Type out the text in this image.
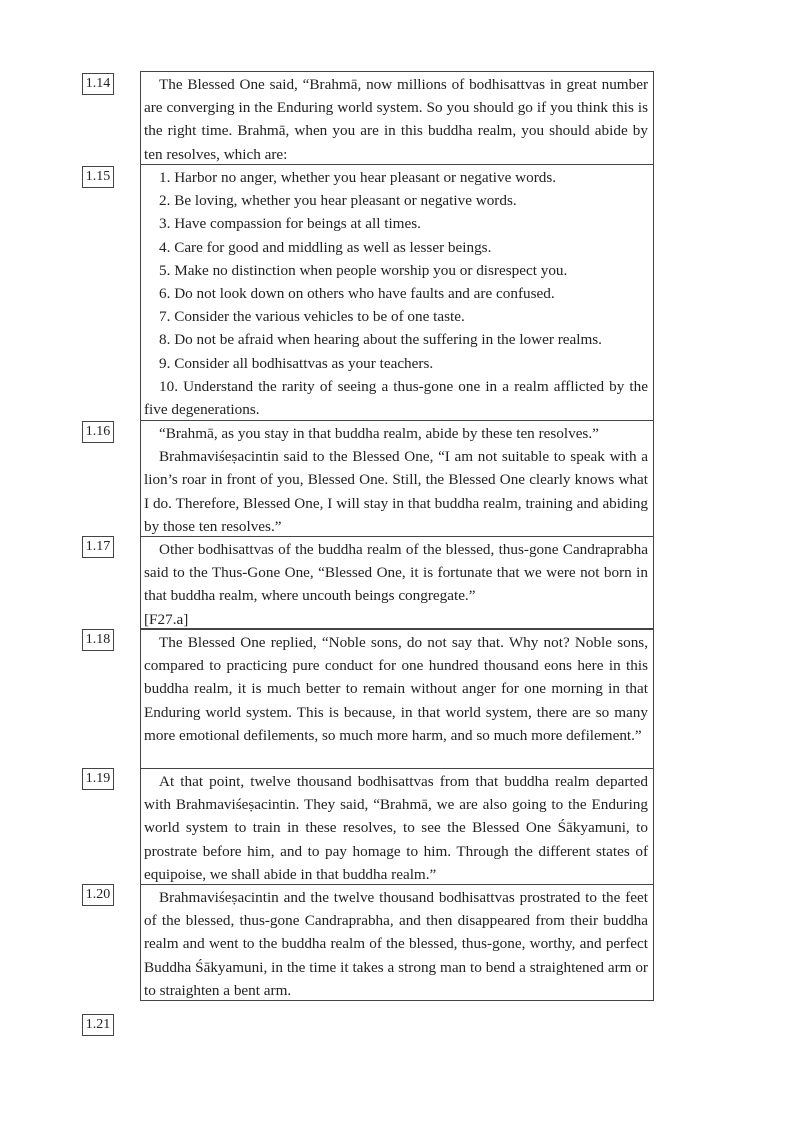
1.14	The Blessed One said, “Brahmā, now millions of bodhisattvas in great number are converging in the Enduring world system. So you should go if you think this is the right time. Brahmā, when you are in this buddha realm, you should abide by ten resolves, which are:

1.15	1. Harbor no anger, whether you hear pleasant or negative words.
2. Be loving, whether you hear pleasant or negative words.
3. Have compassion for beings at all times.
4. Care for good and middling as well as lesser beings.
5. Make no distinction when people worship you or disrespect you.
6. Do not look down on others who have faults and are confused.
7. Consider the various vehicles to be of one taste.
8. Do not be afraid when hearing about the suffering in the lower realms.
9. Consider all bodhisattvas as your teachers.

10. Understand the rarity of seeing a thus-gone one in a realm afflicted by the five degenerations.

1.16	“Brahmā, as you stay in that buddha realm, abide by these ten resolves.”

Brahmaviśeṣacintin said to the Blessed One, “I am not suitable to speak with a lion’s roar in front of you, Blessed One. Still, the Blessed One clearly knows what I do. Therefore, Blessed One, I will stay in that buddha realm, training and abiding by those ten resolves.”

1.17	Other bodhisattvas of the buddha realm of the blessed, thus-gone Candraprabha said to the Thus-Gone One, “Blessed One, it is fortunate that we were not born in that buddha realm, where uncouth beings congregate.”

[F27.a]

1.18	The Blessed One replied, “Noble sons, do not say that. Why not? Noble sons, compared to practicing pure conduct for one hundred thousand eons here in this buddha realm, it is much better to remain without anger for one morning in that Enduring world system. This is because, in that world system, there are so many more emotional defilements, so much more harm, and so much more defilement.”

1.19	At that point, twelve thousand bodhisattvas from that buddha realm departed with Brahmaviśeṣacintin. They said, “Brahmā, we are also going to the Enduring world system to train in these resolves, to see the Blessed One Śākyamuni, to prostrate before him, and to pay homage to him. Through the different states of equipoise, we shall abide in that buddha realm.”

1.20	Brahmaviśeṣacintin and the twelve thousand bodhisattvas prostrated to the feet of the blessed, thus-gone Candraprabha, and then disappeared from their buddha realm and went to the buddha realm of the blessed, thus-gone, worthy, and perfect Buddha Śākyamuni, in the time it takes a strong man to bend a straightened arm or to straighten a bent arm.

1.21
